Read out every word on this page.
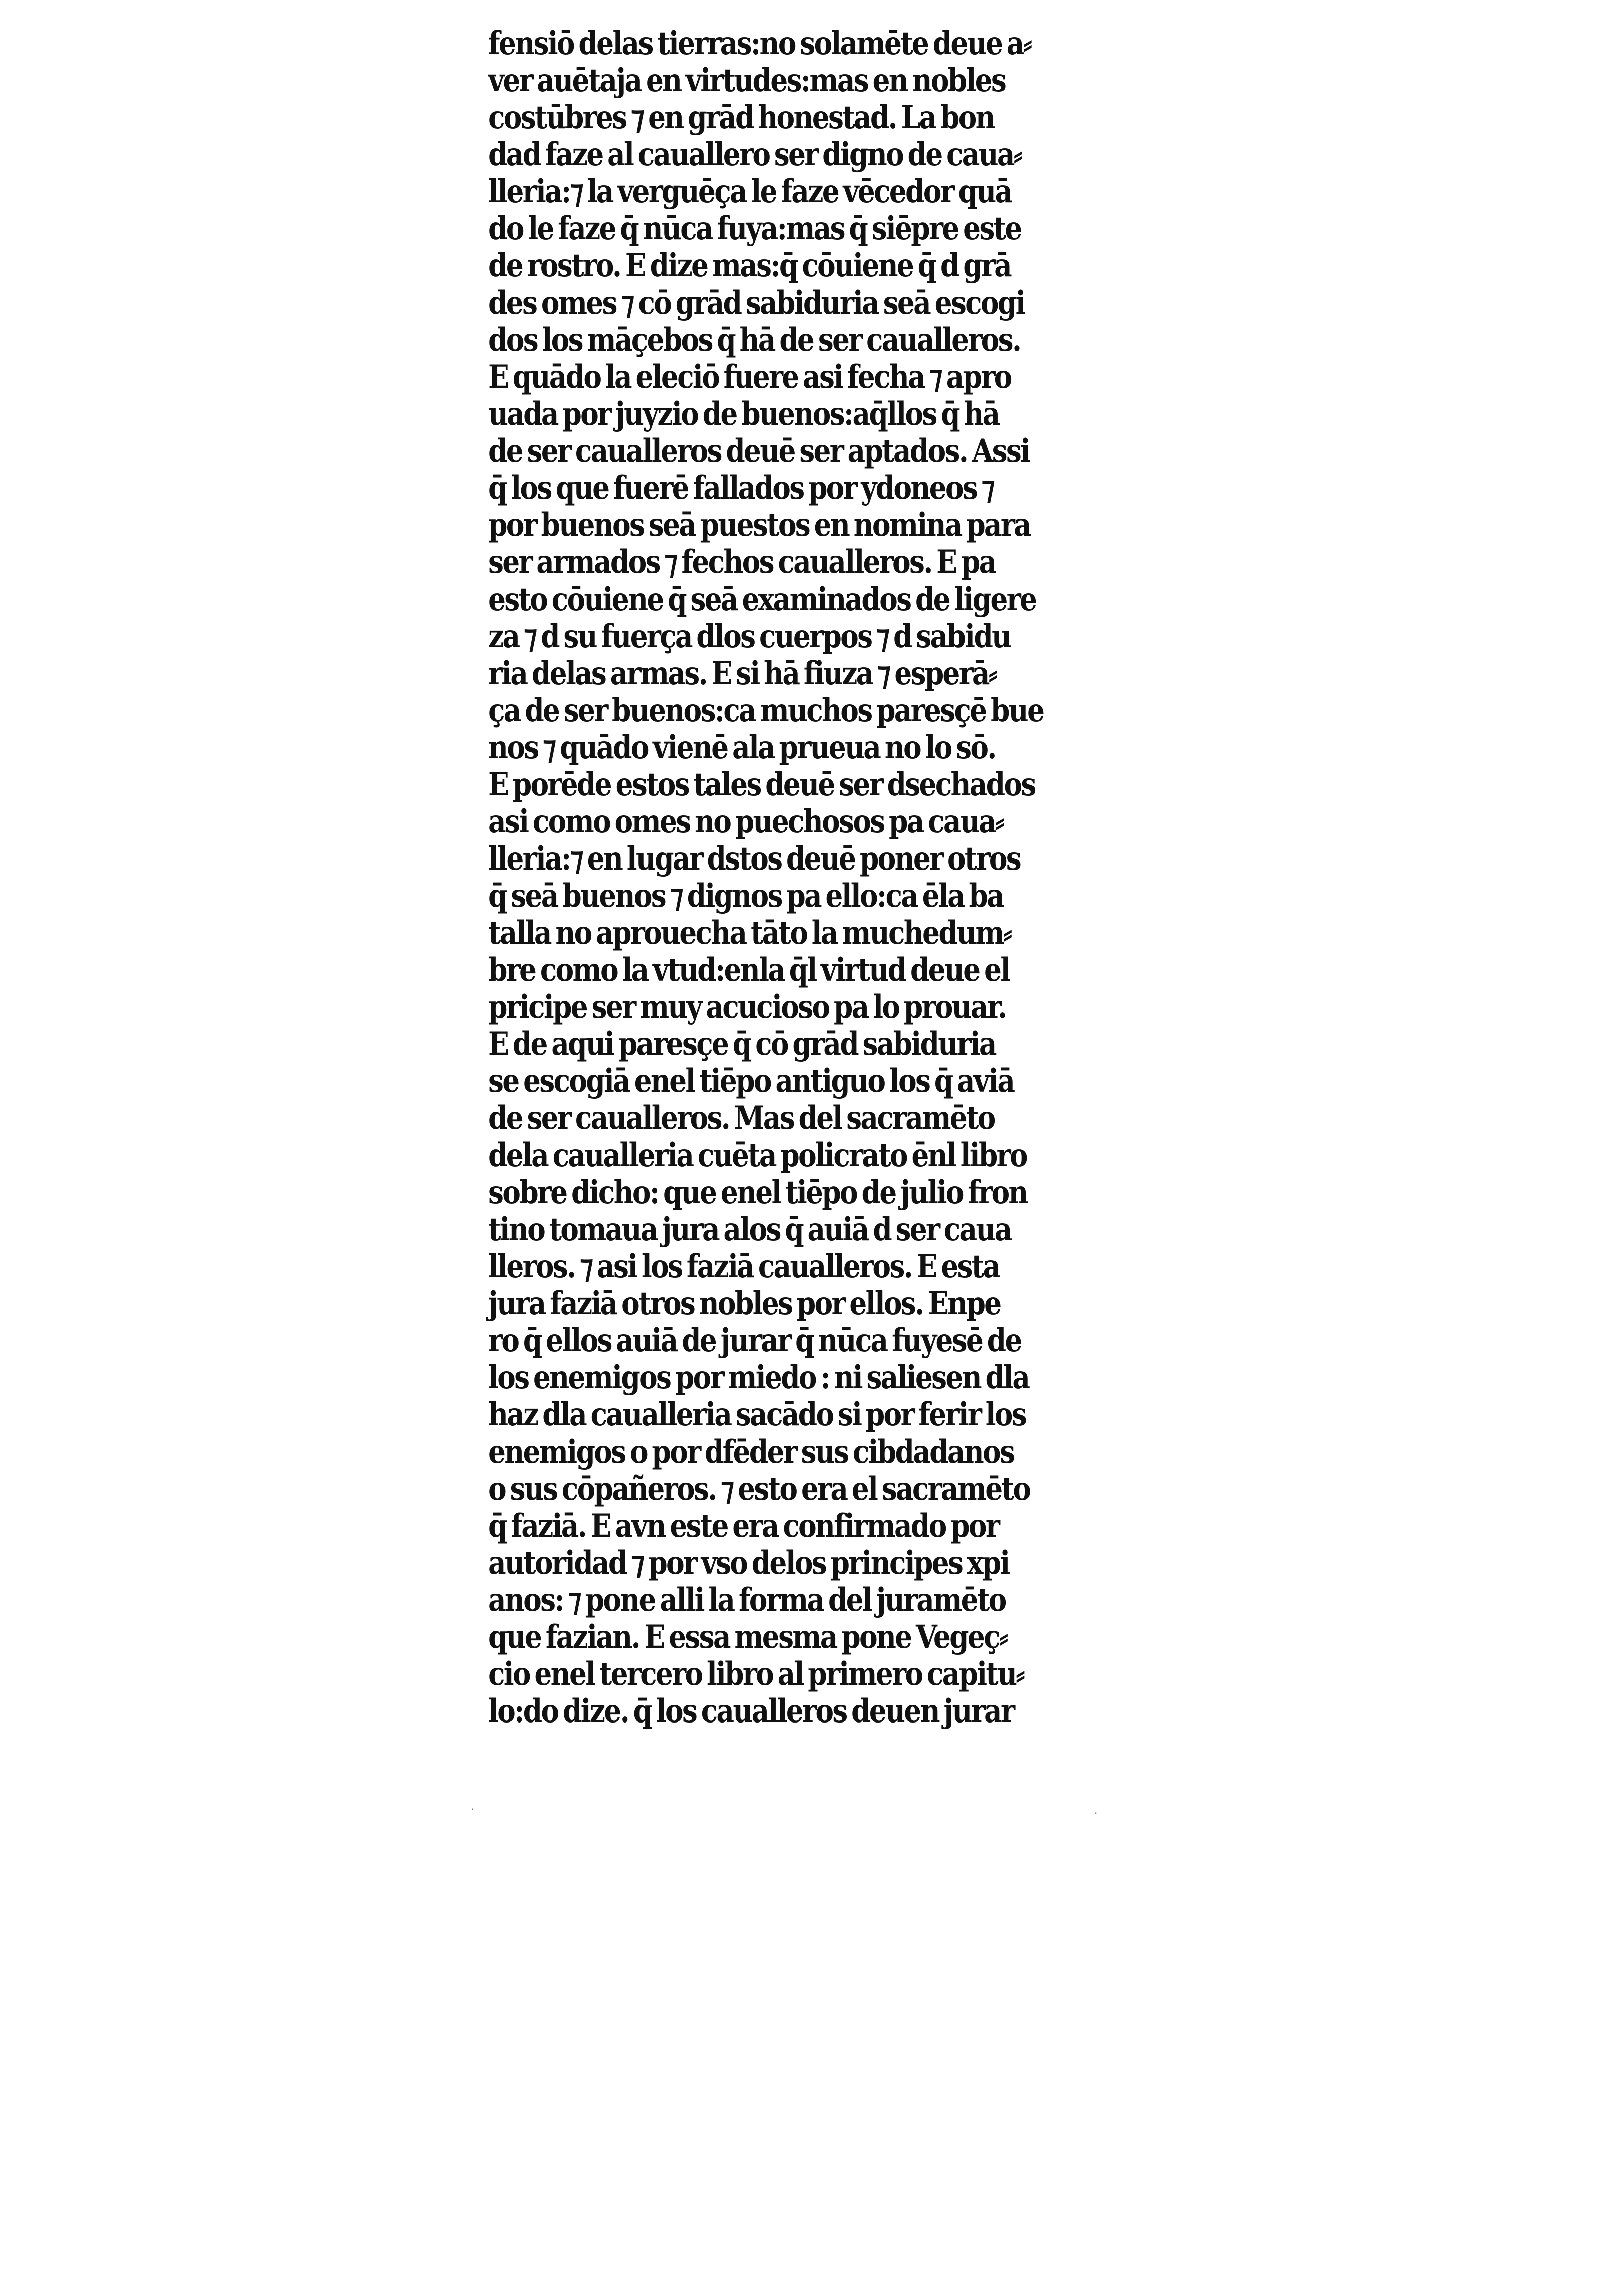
fensiō delas tierras:no solamēte deue a⸗
ver auētaja en virtudes:mas en nobles
costūbres ⁊ en grād honestad. La bon
dad faze al cauallero ser digno de caua⸗
lleria:⁊ la verguēça le faze vēcedor quā
do le faze q̄ nūca fuya:mas q̄ siēpre este
de rostro. E dize mas:q̄ cōuiene q̄ d grā
des omes ⁊ cō grād sabiduria seā escogi
dos los māçebos q̄ hā de ser caualleros.
E quādo la eleciō fuere asi fecha ⁊ apro
uada por juyzio de buenos:aq̄llos q̄ hā
de ser caualleros deuē ser aptados. Assi
q̄ los que fuerē fallados por ydoneos ⁊
por buenos seā puestos en nomina para
ser armados ⁊ fechos caualleros. E pa
esto cōuiene q̄ seā examinados de ligere
za ⁊ d su fuerça dlos cuerpos ⁊ d sabidu
ria delas armas. E si hā fiuza ⁊ esperā⸗
ça de ser buenos:ca muchos paresçē bue
nos ⁊ quādo vienē ala prueua no lo sō.
E porēde estos tales deuē ser dsechados
asi como omes no puechosos pa caua⸗
lleria:⁊ en lugar dstos deuē poner otros
q̄ seā buenos ⁊ dignos pa ello:ca ēla ba
talla no aprouecha tāto la muchedum⸗
bre como la vtud:enla q̄l virtud deue el
pricipe ser muy acucioso pa lo prouar.
E de aqui paresçe q̄ cō grād sabiduria
se escogiā enel tiēpo antiguo los q̄ aviā
de ser caualleros. Mas del sacramēto
dela caualleria cuēta policrato ēnl libro
sobre dicho: que enel tiēpo de julio fron
tino tomaua jura alos q̄ auiā d ser caua
lleros. ⁊ asi los faziā caualleros. E esta
jura faziā otros nobles por ellos. Enpe
ro q̄ ellos auiā de jurar q̄ nūca fuyesē de
los enemigos por miedo : ni saliesen dla
haz dla caualleria sacādo si por ferir los
enemigos o por dfēder sus cibdadanos
o sus cōpañeros. ⁊ esto era el sacramēto
q̄ faziā. E avn este era confirmado por
autoridad ⁊ por vso delos principes xpi
anos: ⁊ pone alli la forma del juramēto
que fazian. E essa mesma pone Vegeç⸗
cio enel tercero libro al primero capitu⸗
lo:do dize. q̄ los caualleros deuen jurar
·	·
